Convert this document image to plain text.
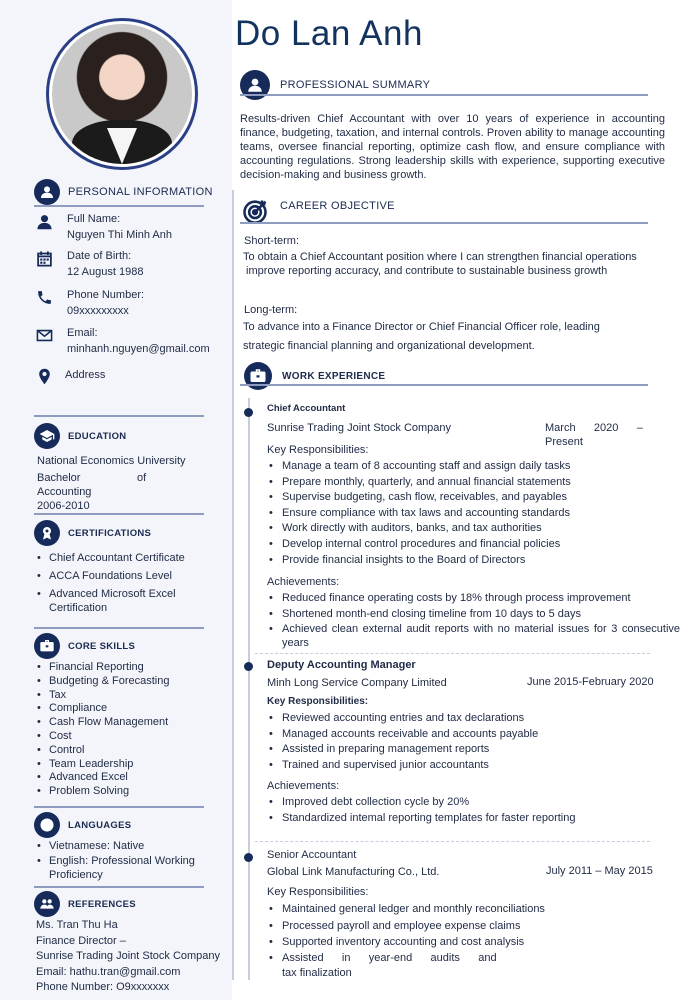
PERSONAL INFORMATION
Full Name:
Nguyen Thi Minh Anh
Date of Birth:
12 August 1988
Phone Number:
09xxxxxxxxx
Email:
minhanh.nguyen@gmail.com
Address
EDUCATION
National Economics University
Bachelor	of
Accounting
2006-2010
CERTIFICATIONS
• Chief Accountant Certificate
• ACCA Foundations Level
• Advanced Microsoft Excel Certification
CORE SKILLS
• Financial Reporting
• Budgeting & Forecasting
• Tax
• Compliance
• Cash Flow Management
• Cost
• Control
• Team Leadership
• Advanced Excel
• Problem Solving
LANGUAGES
• Vietnamese: Native
• English: Professional Working Proficiency
REFERENCES
Ms. Tran Thu Ha
Finance Director –
Sunrise Trading Joint Stock Company
Email: hathu.tran@gmail.com
Phone Number: O9xxxxxxx
Do Lan Anh
PROFESSIONAL SUMMARY
Results-driven Chief Accountant with over 10 years of experience in accounting finance, budgeting, taxation, and internal controls. Proven ability to manage accounting teams, oversee financial reporting, optimize cash flow, and ensure compliance with accounting regulations. Strong leadership skills with experience, supporting executive decision-making and business growth.
CAREER OBJECTIVE
Short-term:
To obtain a Chief Accountant position where I can strengthen financial operations
improve reporting accuracy, and contribute to sustainable business growth
Long-term:
To advance into a Finance Director or Chief Financial Officer role, leading
strategic financial planning and organizational development.
WORK EXPERIENCE
Chief Accountant
Sunrise Trading Joint Stock Company	March      2020      –
Present
Key Responsibilities:
• Manage a team of 8 accounting staff and assign daily tasks
• Prepare monthly, quarterly, and annual financial statements
• Supervise budgeting, cash flow, receivables, and payables
• Ensure compliance with tax laws and accounting standards
• Work directly with auditors, banks, and tax authorities
• Develop internal control procedures and financial policies
• Provide financial insights to the Board of Directors
Achievements:
• Reduced finance operating costs by 18% through process improvement
• Shortened month-end closing timeline from 10 days to 5 days
• Achieved clean external audit reports with no material issues for 3 consecutive years
Deputy Accounting Manager
Minh Long Service Company Limited	June 2015-February 2020
Key Responsibilities:
• Reviewed accounting entries and tax declarations
• Managed accounts receivable and accounts payable
• Assisted in preparing management reports
• Trained and supervised junior accountants
Achievements:
• Improved debt collection cycle by 20%
• Standardized intemal reporting templates for faster reporting
Senior Accountant
Global Link Manufacturing Co., Ltd.	July 2011 – May 2015
Key Responsibilities:
• Maintained general ledger and monthly reconciliations
• Processed payroll and employee expense claims
• Supported inventory accounting and cost analysis
• Assisted      in      year-end      audits      and      tax finalization
